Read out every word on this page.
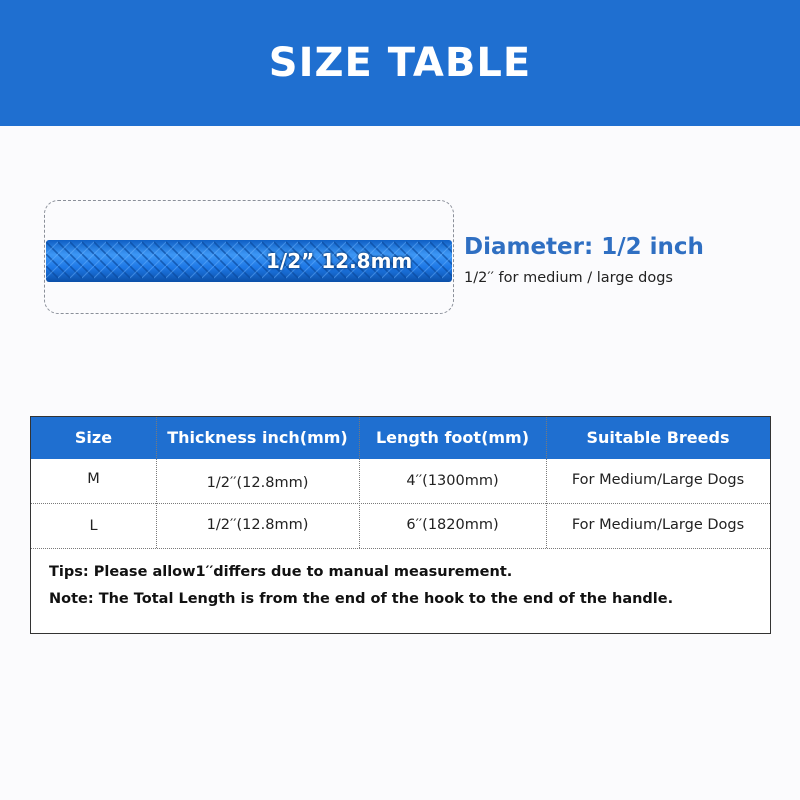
SIZE TABLE
1/2” 12.8mm
Diameter: 1/2 inch
1/2′′ for medium / large dogs
Size	Thickness inch(mm)	Length foot(mm)	Suitable Breeds
M	1/2′′(12.8mm)	4′′(1300mm)	For Medium/Large Dogs
L	1/2′′(12.8mm)	6′′(1820mm)	For Medium/Large Dogs
Tips: Please allow1′′differs due to manual measurement.
Note: The Total Length is from the end of the hook to the end of the handle.
